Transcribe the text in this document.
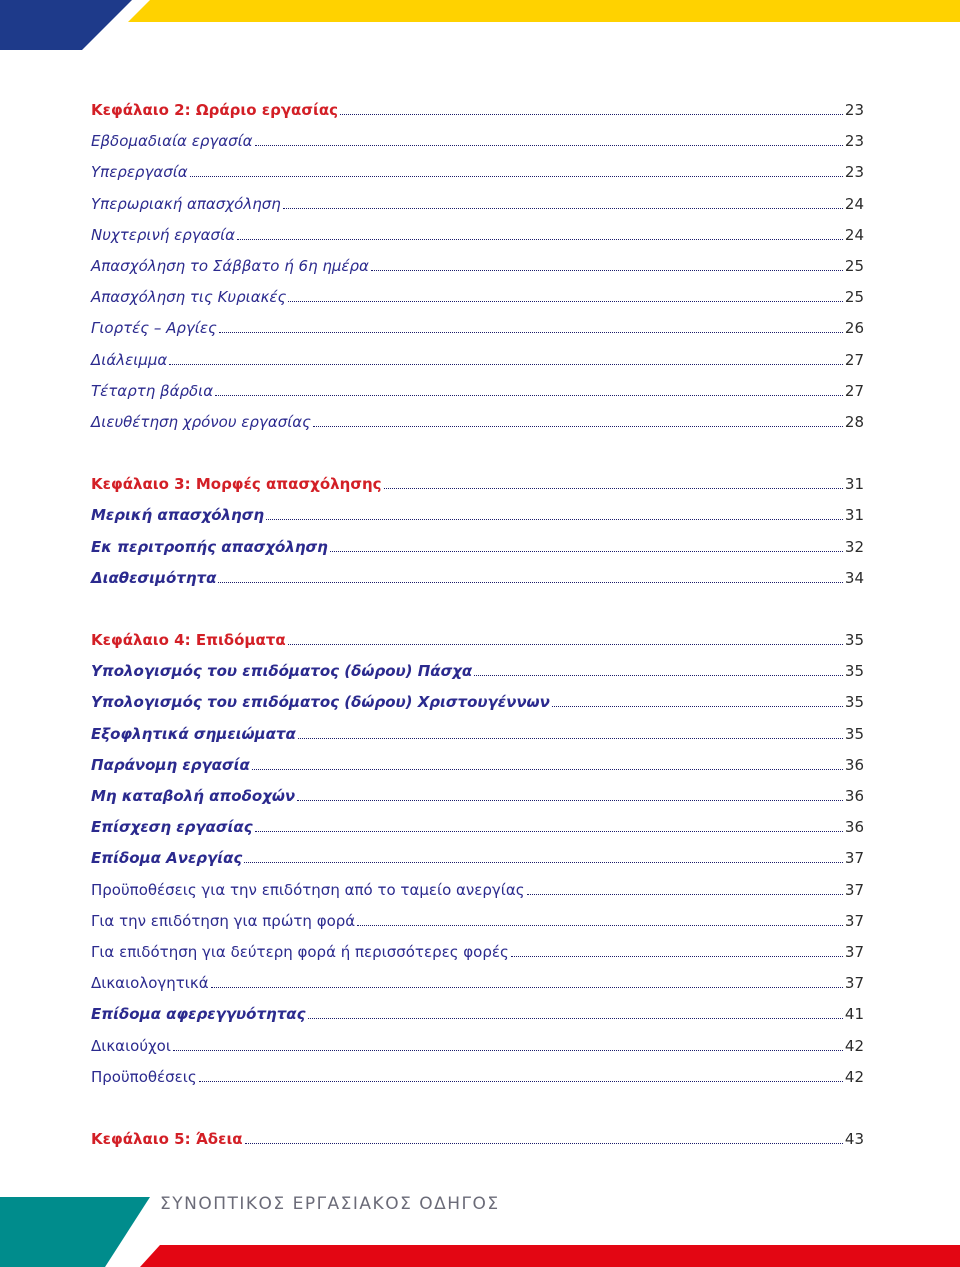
Κεφάλαιο 2: Ωράριο εργασίας	23
Εβδομαδιαία εργασία	23
Υπερεργασία	23
Υπερωριακή απασχόληση	24
Νυχτερινή εργασία	24
Απασχόληση το Σάββατο ή 6η ημέρα	25
Απασχόληση τις Κυριακές	25
Γιορτές – Αργίες	26
Διάλειμμα	27
Τέταρτη βάρδια	27
Διευθέτηση χρόνου εργασίας	28
Κεφάλαιο 3: Μορφές απασχόλησης	31
Μερική απασχόληση	31
Εκ περιτροπής απασχόληση	32
Διαθεσιμότητα	34
Κεφάλαιο 4: Επιδόματα	35
Υπολογισμός του επιδόματος (δώρου) Πάσχα	35
Υπολογισμός του επιδόματος (δώρου) Χριστουγέννων	35
Εξοφλητικά σημειώματα	35
Παράνομη εργασία	36
Μη καταβολή αποδοχών	36
Επίσχεση εργασίας	36
Επίδομα Ανεργίας	37
Προϋποθέσεις για την επιδότηση από το ταμείο ανεργίας	37
Για την επιδότηση για πρώτη φορά	37
Για επιδότηση για δεύτερη φορά ή περισσότερες φορές	37
Δικαιολογητικά	37
Επίδομα αφερεγγυότητας	41
Δικαιούχοι	42
Προϋποθέσεις	42
Κεφάλαιο 5: Άδεια	43
ΣΥΝΟΠΤΙΚΟΣ ΕΡΓΑΣΙΑΚΟΣ ΟΔΗΓΟΣ
